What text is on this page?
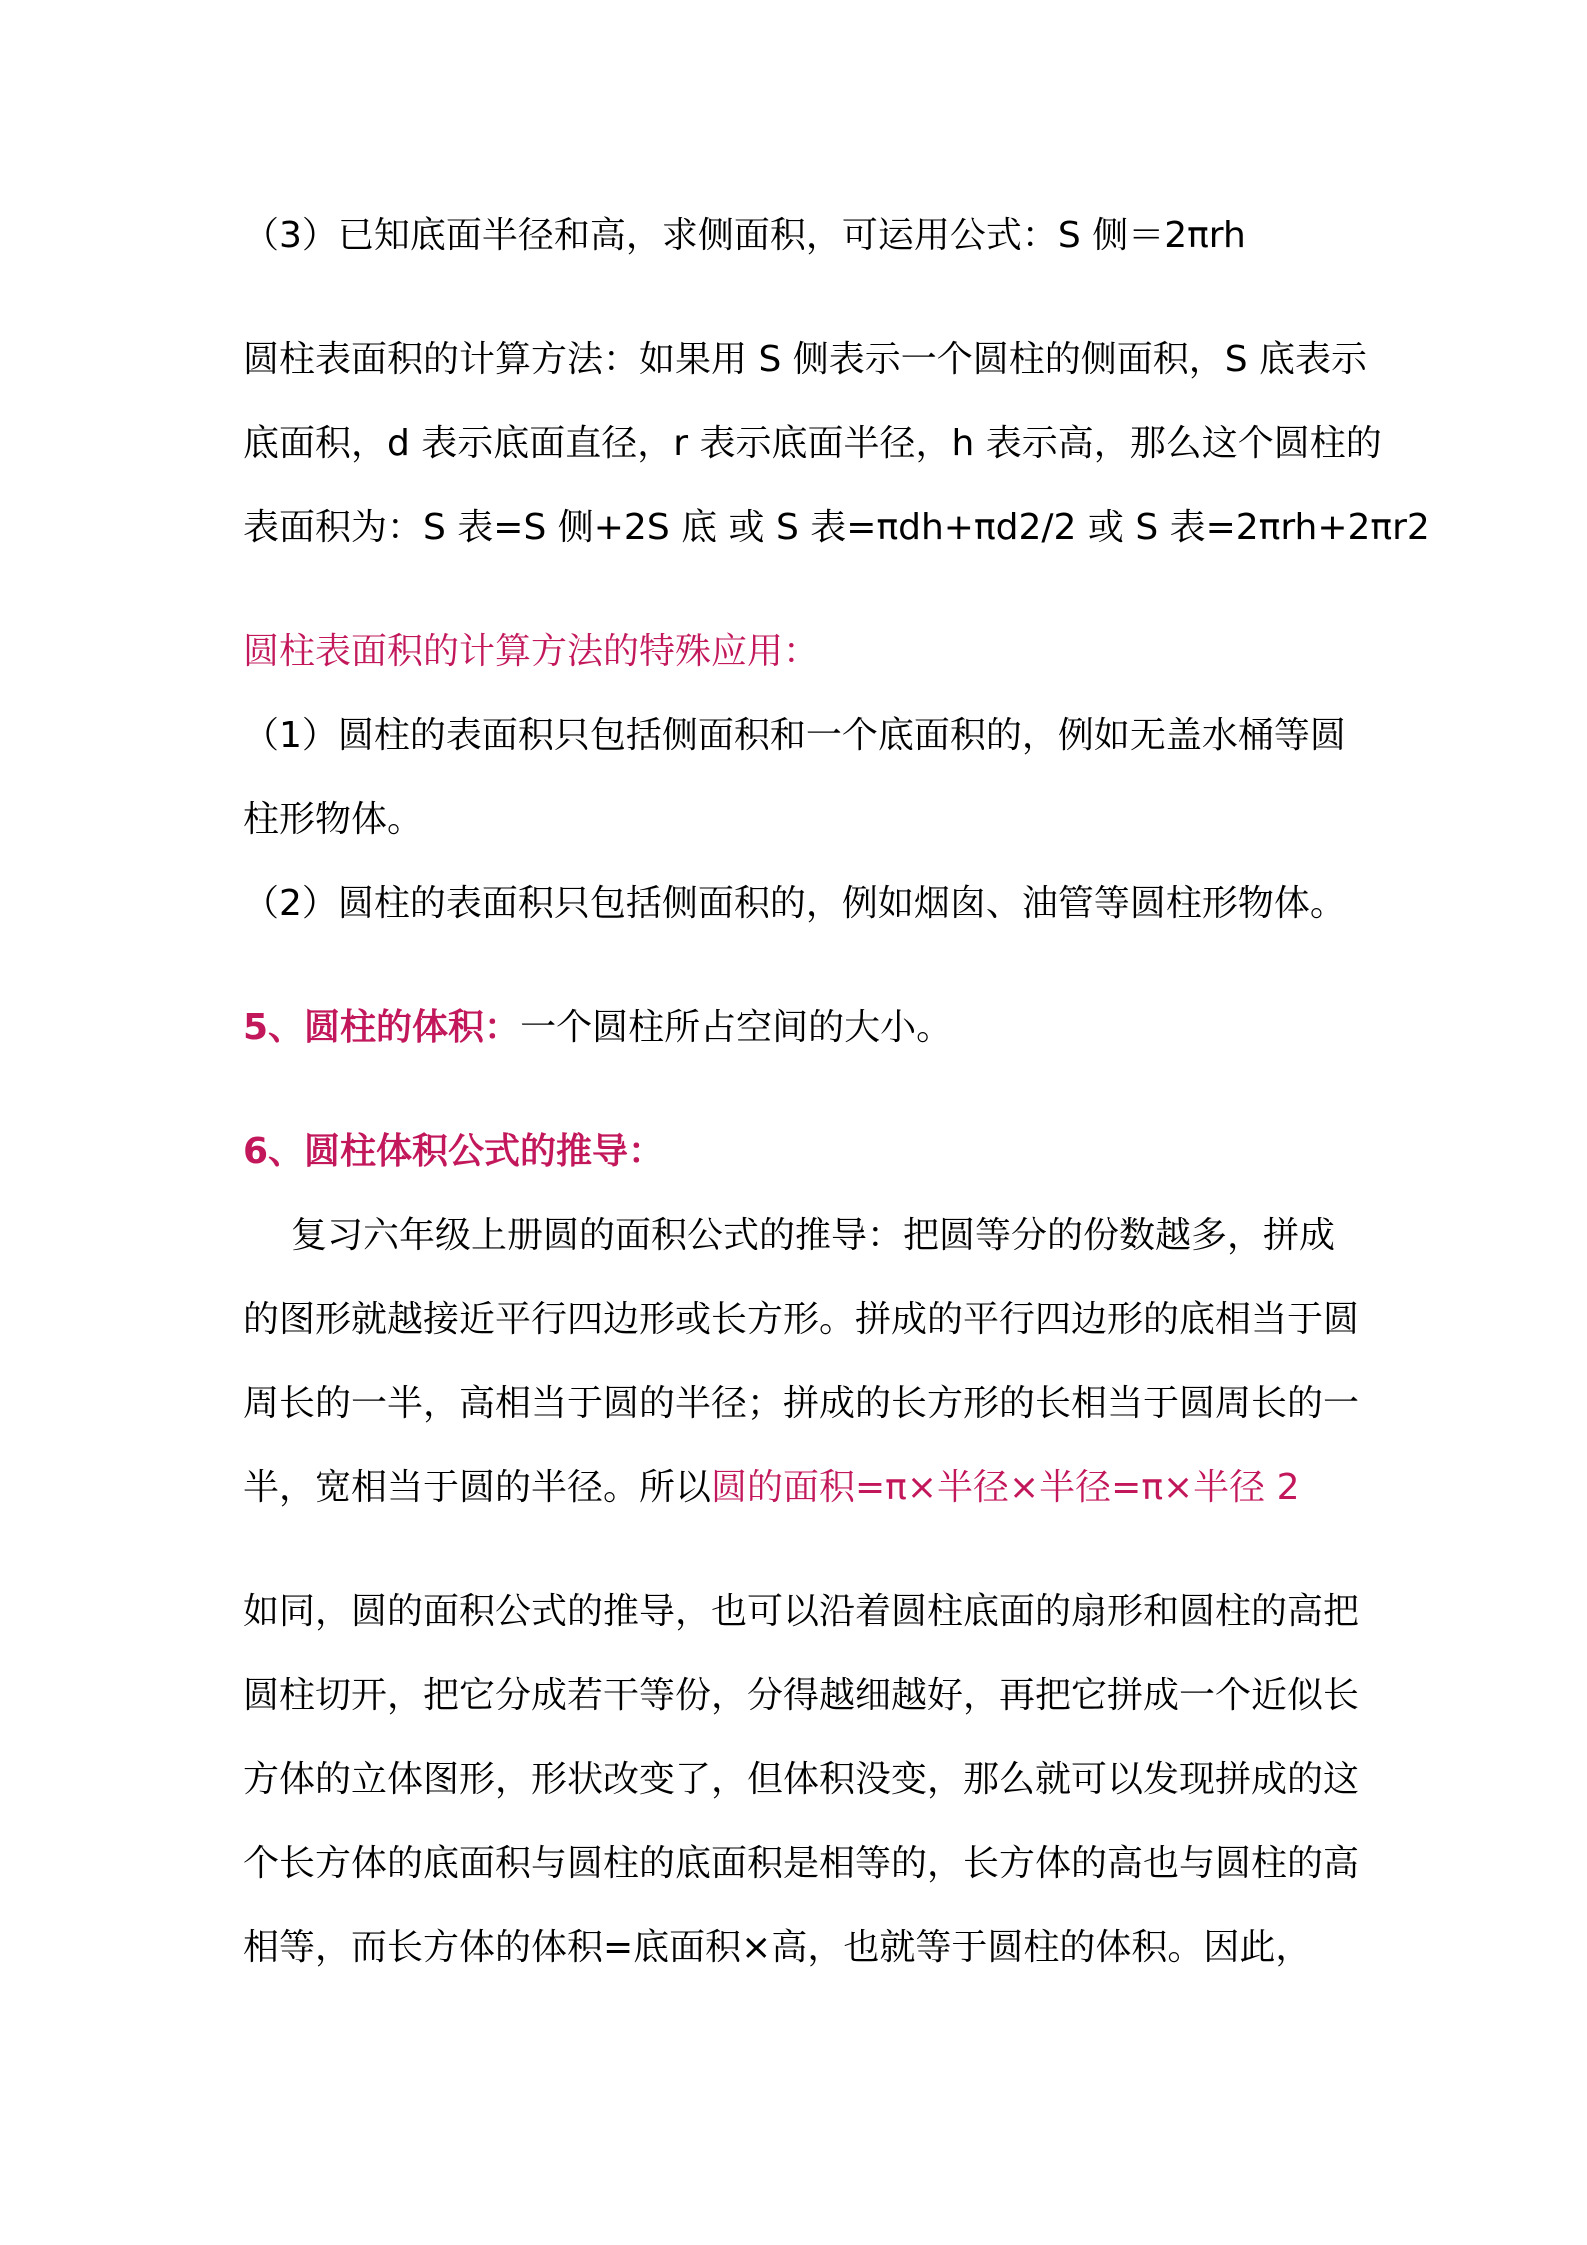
（3）已知底面半径和高，求侧面积，可运用公式：S 侧＝2πrh
圆柱表面积的计算方法：如果用 S 侧表示一个圆柱的侧面积，S 底表示
底面积，d 表示底面直径，r 表示底面半径，h 表示高，那么这个圆柱的
表面积为：S 表=S 侧+2S 底 或 S 表=πdh+πd2/2 或 S 表=2πrh+2πr2
圆柱表面积的计算方法的特殊应用：
（1）圆柱的表面积只包括侧面积和一个底面积的，例如无盖水桶等圆
柱形物体。
（2）圆柱的表面积只包括侧面积的，例如烟囱、油管等圆柱形物体。
5、圆柱的体积：一个圆柱所占空间的大小。
6、圆柱体积公式的推导：
复习六年级上册圆的面积公式的推导：把圆等分的份数越多，拼成
的图形就越接近平行四边形或长方形。拼成的平行四边形的底相当于圆
周长的一半，高相当于圆的半径；拼成的长方形的长相当于圆周长的一
半，宽相当于圆的半径。所以圆的面积=π×半径×半径=π×半径 2
如同，圆的面积公式的推导，也可以沿着圆柱底面的扇形和圆柱的高把
圆柱切开，把它分成若干等份，分得越细越好，再把它拼成一个近似长
方体的立体图形，形状改变了，但体积没变，那么就可以发现拼成的这
个长方体的底面积与圆柱的底面积是相等的，长方体的高也与圆柱的高
相等，而长方体的体积=底面积×高，也就等于圆柱的体积。因此，
